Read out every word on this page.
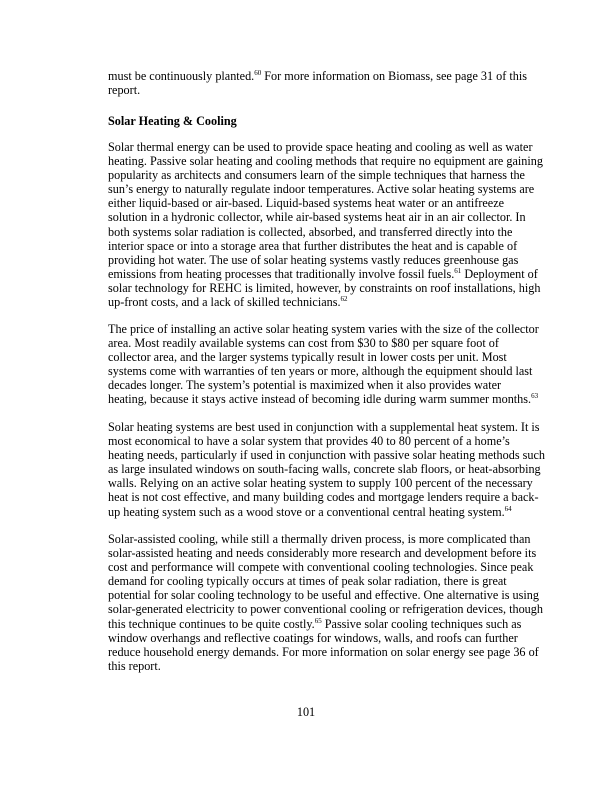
must be continuously planted.$^{60}$ For more information on Biomass, see page 31 of this
report.
Solar Heating & Cooling
Solar thermal energy can be used to provide space heating and cooling as well as water
heating. Passive solar heating and cooling methods that require no equipment are gaining
popularity as architects and consumers learn of the simple techniques that harness the
sun’s energy to naturally regulate indoor temperatures. Active solar heating systems are
either liquid-based or air-based. Liquid-based systems heat water or an antifreeze
solution in a hydronic collector, while air-based systems heat air in an air collector. In
both systems solar radiation is collected, absorbed, and transferred directly into the
interior space or into a storage area that further distributes the heat and is capable of
providing hot water. The use of solar heating systems vastly reduces greenhouse gas
emissions from heating processes that traditionally involve fossil fuels.$^{61}$ Deployment of
solar technology for REHC is limited, however, by constraints on roof installations, high
up-front costs, and a lack of skilled technicians.$^{62}$
The price of installing an active solar heating system varies with the size of the collector
area. Most readily available systems can cost from $30 to $80 per square foot of
collector area, and the larger systems typically result in lower costs per unit. Most
systems come with warranties of ten years or more, although the equipment should last
decades longer. The system’s potential is maximized when it also provides water
heating, because it stays active instead of becoming idle during warm summer months.$^{63}$
Solar heating systems are best used in conjunction with a supplemental heat system. It is
most economical to have a solar system that provides 40 to 80 percent of a home’s
heating needs, particularly if used in conjunction with passive solar heating methods such
as large insulated windows on south-facing walls, concrete slab floors, or heat-absorbing
walls. Relying on an active solar heating system to supply 100 percent of the necessary
heat is not cost effective, and many building codes and mortgage lenders require a back-
up heating system such as a wood stove or a conventional central heating system.$^{64}$
Solar-assisted cooling, while still a thermally driven process, is more complicated than
solar-assisted heating and needs considerably more research and development before its
cost and performance will compete with conventional cooling technologies. Since peak
demand for cooling typically occurs at times of peak solar radiation, there is great
potential for solar cooling technology to be useful and effective. One alternative is using
solar-generated electricity to power conventional cooling or refrigeration devices, though
this technique continues to be quite costly.$^{65}$ Passive solar cooling techniques such as
window overhangs and reflective coatings for windows, walls, and roofs can further
reduce household energy demands. For more information on solar energy see page 36 of
this report.
101
